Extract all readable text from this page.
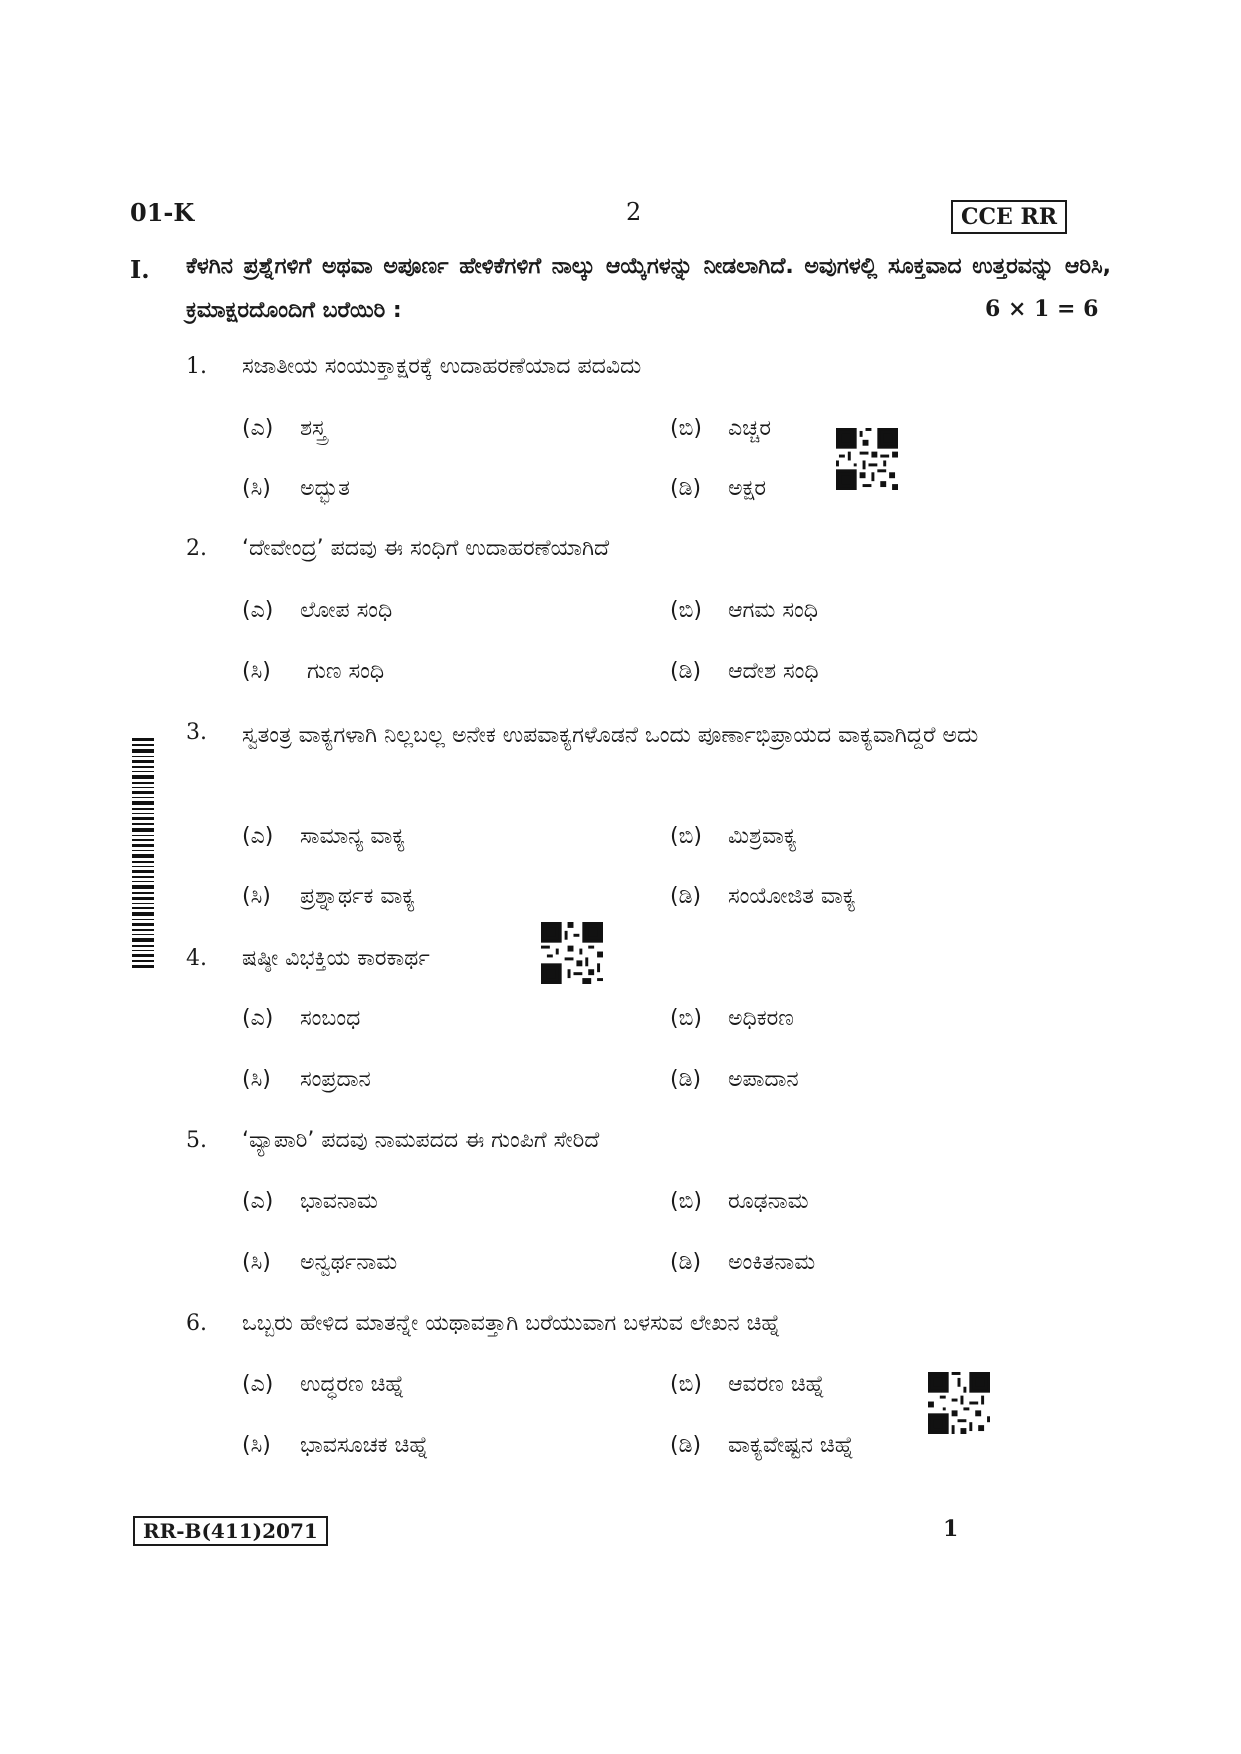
01-K	2	CCE RR
I. ಕೆಳಗಿನ ಪ್ರಶ್ನೆಗಳಿಗೆ ಅಥವಾ ಅಪೂರ್ಣ ಹೇಳಿಕೆಗಳಿಗೆ ನಾಲ್ಕು ಆಯ್ಕೆಗಳನ್ನು ನೀಡಲಾಗಿದೆ. ಅವುಗಳಲ್ಲಿ ಸೂಕ್ತವಾದ ಉತ್ತರವನ್ನು ಆರಿಸಿ, ಕ್ರಮಾಕ್ಷರದೊಂದಿಗೆ ಬರೆಯಿರಿ :	6 × 1 = 6
1. ಸಜಾತೀಯ ಸಂಯುಕ್ತಾಕ್ಷರಕ್ಕೆ ಉದಾಹರಣೆಯಾದ ಪದವಿದು
(ಎ) ಶಸ್ತ್ರ	(ಬಿ) ಎಚ್ಚರ
(ಸಿ) ಅದ್ಭುತ	(ಡಿ) ಅಕ್ಷರ
2. ‘ದೇವೇಂದ್ರ’ ಪದವು ಈ ಸಂಧಿಗೆ ಉದಾಹರಣೆಯಾಗಿದೆ
(ಎ) ಲೋಪ ಸಂಧಿ	(ಬಿ) ಆಗಮ ಸಂಧಿ
(ಸಿ) ಗುಣ ಸಂಧಿ	(ಡಿ) ಆದೇಶ ಸಂಧಿ
3. ಸ್ವತಂತ್ರ ವಾಕ್ಯಗಳಾಗಿ ನಿಲ್ಲಬಲ್ಲ ಅನೇಕ ಉಪವಾಕ್ಯಗಳೊಡನೆ ಒಂದು ಪೂರ್ಣಾಭಿಪ್ರಾಯದ ವಾಕ್ಯವಾಗಿದ್ದರೆ ಅದು
(ಎ) ಸಾಮಾನ್ಯ ವಾಕ್ಯ	(ಬಿ) ಮಿಶ್ರವಾಕ್ಯ
(ಸಿ) ಪ್ರಶ್ನಾರ್ಥಕ ವಾಕ್ಯ	(ಡಿ) ಸಂಯೋಜಿತ ವಾಕ್ಯ
4. ಷಷ್ಠೀ ವಿಭಕ್ತಿಯ ಕಾರಕಾರ್ಥ
(ಎ) ಸಂಬಂಧ	(ಬಿ) ಅಧಿಕರಣ
(ಸಿ) ಸಂಪ್ರದಾನ	(ಡಿ) ಅಪಾದಾನ
5. ‘ವ್ಯಾಪಾರಿ’ ಪದವು ನಾಮಪದದ ಈ ಗುಂಪಿಗೆ ಸೇರಿದೆ
(ಎ) ಭಾವನಾಮ	(ಬಿ) ರೂಢನಾಮ
(ಸಿ) ಅನ್ವರ್ಥನಾಮ	(ಡಿ) ಅಂಕಿತನಾಮ
6. ಒಬ್ಬರು ಹೇಳಿದ ಮಾತನ್ನೇ ಯಥಾವತ್ತಾಗಿ ಬರೆಯುವಾಗ ಬಳಸುವ ಲೇಖನ ಚಿಹ್ನೆ
(ಎ) ಉದ್ಧರಣ ಚಿಹ್ನೆ	(ಬಿ) ಆವರಣ ಚಿಹ್ನೆ
(ಸಿ) ಭಾವಸೂಚಕ ಚಿಹ್ನೆ	(ಡಿ) ವಾಕ್ಯವೇಷ್ಟನ ಚಿಹ್ನೆ
RR-B(411)2071	1
